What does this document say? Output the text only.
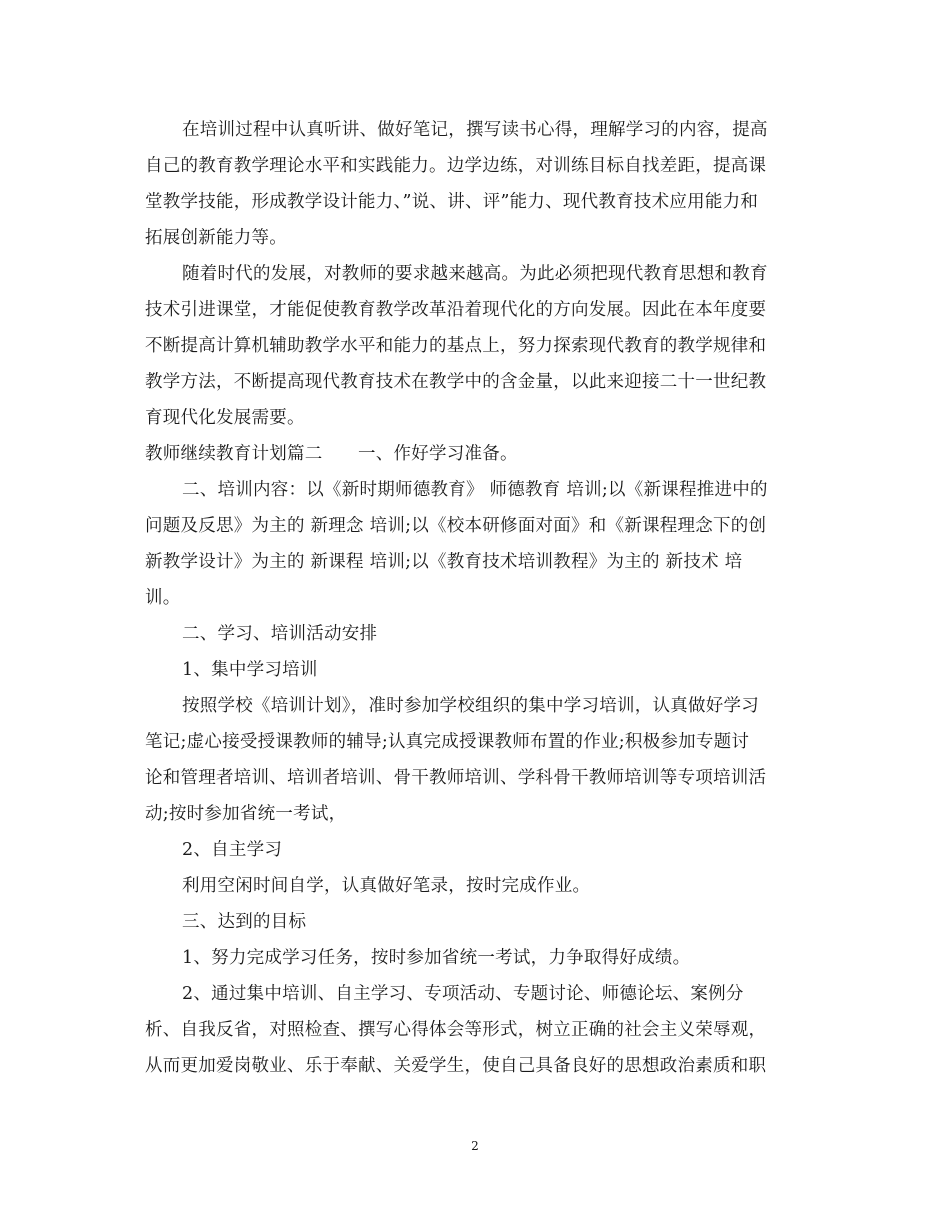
在培训过程中认真听讲、做好笔记，撰写读书心得，理解学习的内容，提高
自己的教育教学理论水平和实践能力。边学边练，对训练目标自找差距，提高课
堂教学技能，形成教学设计能力、”说、讲、评”能力、现代教育技术应用能力和
拓展创新能力等。
随着时代的发展，对教师的要求越来越高。为此必须把现代教育思想和教育
技术引进课堂，才能促使教育教学改革沿着现代化的方向发展。因此在本年度要
不断提高计算机辅助教学水平和能力的基点上，努力探索现代教育的教学规律和
教学方法，不断提高现代教育技术在教学中的含金量，以此来迎接二十一世纪教
育现代化发展需要。
教师继续教育计划篇二　　一、作好学习准备。
二、培训内容：以《新时期师德教育》 师德教育 培训;以《新课程推进中的
问题及反思》为主的 新理念 培训;以《校本研修面对面》和《新课程理念下的创
新教学设计》为主的 新课程 培训;以《教育技术培训教程》为主的 新技术 培
训。
二、学习、培训活动安排
1、集中学习培训
按照学校《培训计划》，准时参加学校组织的集中学习培训，认真做好学习
笔记;虚心接受授课教师的辅导;认真完成授课教师布置的作业;积极参加专题讨
论和管理者培训、培训者培训、骨干教师培训、学科骨干教师培训等专项培训活
动;按时参加省统一考试，
2、自主学习
利用空闲时间自学，认真做好笔录，按时完成作业。
三、达到的目标
1、努力完成学习任务，按时参加省统一考试，力争取得好成绩。
2、通过集中培训、自主学习、专项活动、专题讨论、师德论坛、案例分
析、自我反省，对照检查、撰写心得体会等形式，树立正确的社会主义荣辱观，
从而更加爱岗敬业、乐于奉献、关爱学生，使自己具备良好的思想政治素质和职
2
